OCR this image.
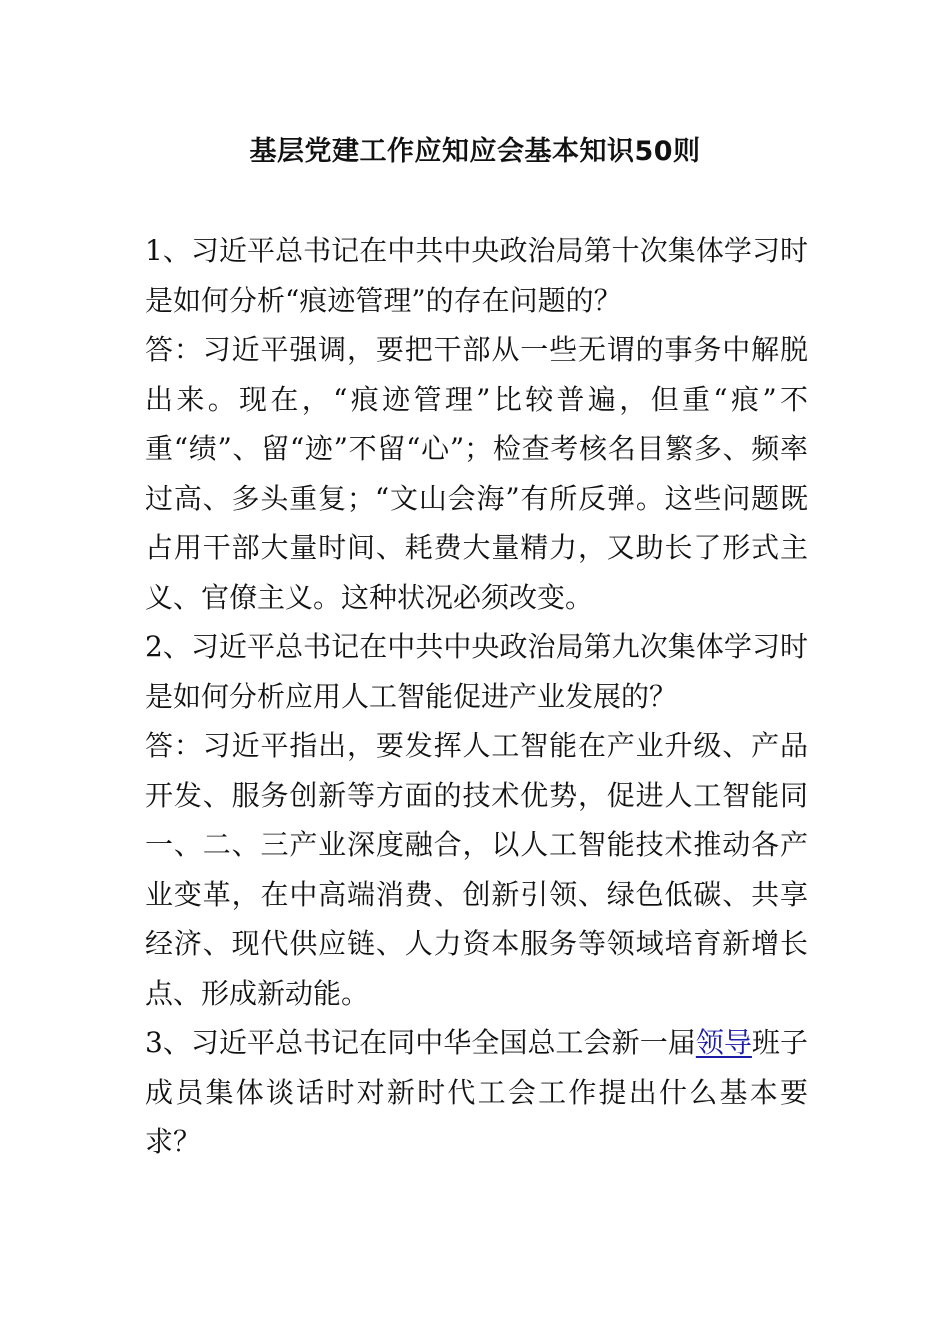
基层党建工作应知应会基本知识50则

1、习近平总书记在中共中央政治局第十次集体学习时是如何分析“痕迹管理”的存在问题的？

答：习近平强调，要把干部从一些无谓的事务中解脱出来。现在，“痕迹管理”比较普遍，但重“痕”不重“绩”、留“迹”不留“心”；检查考核名目繁多、频率过高、多头重复；“文山会海”有所反弹。这些问题既占用干部大量时间、耗费大量精力，又助长了形式主义、官僚主义。这种状况必须改变。

2、习近平总书记在中共中央政治局第九次集体学习时是如何分析应用人工智能促进产业发展的？

答：习近平指出，要发挥人工智能在产业升级、产品开发、服务创新等方面的技术优势，促进人工智能同一、二、三产业深度融合，以人工智能技术推动各产业变革，在中高端消费、创新引领、绿色低碳、共享经济、现代供应链、人力资本服务等领域培育新增长点、形成新动能。

3、习近平总书记在同中华全国总工会新一届领导班子成员集体谈话时对新时代工会工作提出什么基本要求？
